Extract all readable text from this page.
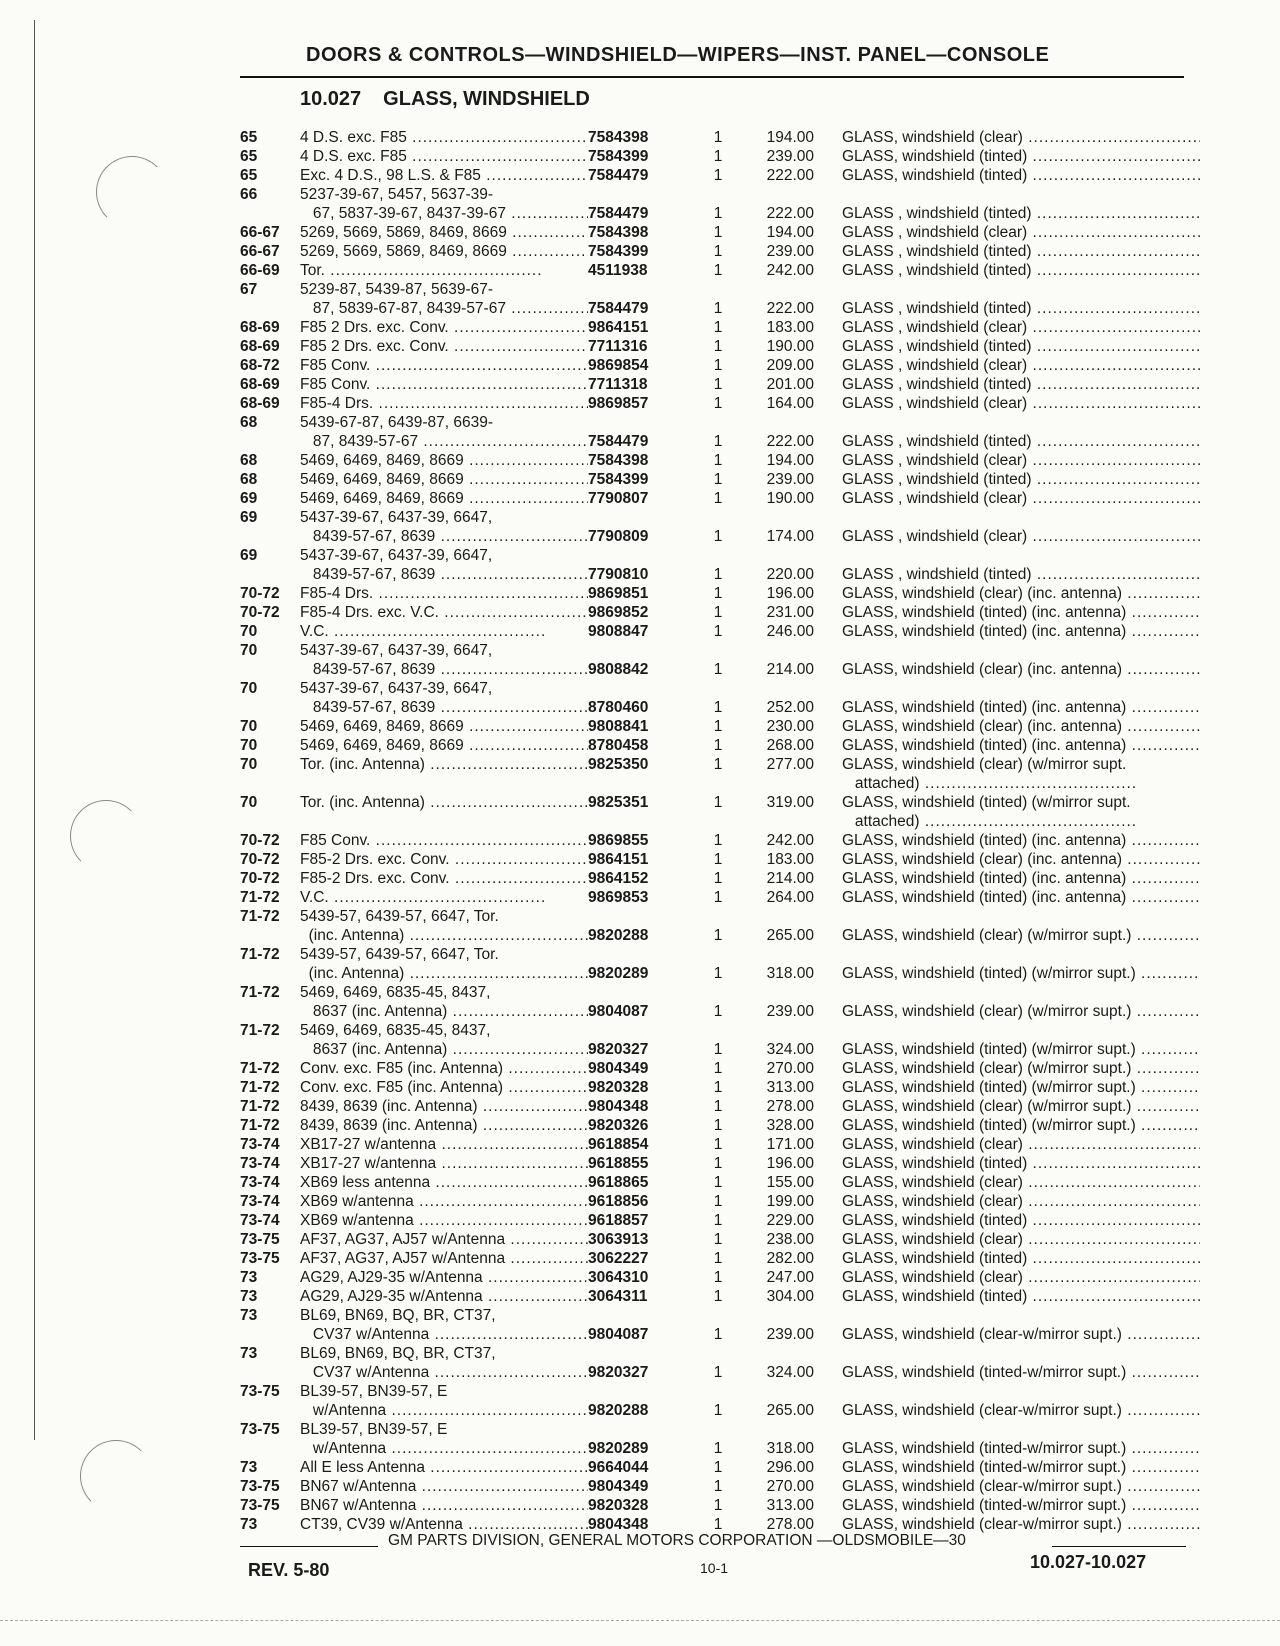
DOORS & CONTROLS—WINDSHIELD—WIPERS—INST. PANEL—CONSOLE
10.027 GLASS, WINDSHIELD
65	4 D.S. exc. F85 .....	7584398	1	194.00 GLASS, windshield (clear) .....
65	4 D.S. exc. F85 .....	7584399	1	239.00 GLASS, windshield (tinted) .....
65	Exc. 4 D.S., 98 L.S. & F85 .....	7584479	1	222.00 GLASS, windshield (tinted) .....
66	5237-39-67, 5457, 5637-39-
67, 5837-39-67, 8437-39-67 .....	7584479	1	222.00 GLASS , windshield (tinted) .....
66-67	5269, 5669, 5869, 8469, 8669 .....	7584398	1	194.00 GLASS , windshield (clear) .....
66-67	5269, 5669, 5869, 8469, 8669 .....	7584399	1	239.00 GLASS , windshield (tinted) .....
66-69	Tor. .....	4511938	1	242.00 GLASS , windshield (tinted) .....
67	5239-87, 5439-87, 5639-67-
87, 5839-67-87, 8439-57-67 .....	7584479	1	222.00 GLASS , windshield (tinted) .....
68-69	F85 2 Drs. exc. Conv. .....	9864151	1	183.00 GLASS , windshield (clear) .....
68-69	F85 2 Drs. exc. Conv. .....	7711316	1	190.00 GLASS , windshield (tinted) .....
68-72	F85 Conv. .....	9869854	1	209.00 GLASS , windshield (clear) .....
68-69	F85 Conv. .....	7711318	1	201.00 GLASS , windshield (tinted) .....
68-69	F85-4 Drs. .....	9869857	1	164.00 GLASS , windshield (clear) .....
68	5439-67-87, 6439-87, 6639-
87, 8439-57-67 .....	7584479	1	222.00 GLASS , windshield (tinted) .....
68	5469, 6469, 8469, 8669 .....	7584398	1	194.00 GLASS , windshield (clear) .....
68	5469, 6469, 8469, 8669 .....	7584399	1	239.00 GLASS , windshield (tinted) .....
69	5469, 6469, 8469, 8669 .....	7790807	1	190.00 GLASS , windshield (clear) .....
69	5437-39-67, 6437-39, 6647,
8439-57-67, 8639 .....	7790809	1	174.00 GLASS , windshield (clear) .....
69	5437-39-67, 6437-39, 6647,
8439-57-67, 8639 .....	7790810	1	220.00 GLASS , windshield (tinted) .....
70-72	F85-4 Drs. .....	9869851	1	196.00 GLASS, windshield (clear) (inc. antenna) .....
70-72	F85-4 Drs. exc. V.C. .....	9869852	1	231.00 GLASS, windshield (tinted) (inc. antenna) .....
70	V.C. .....	9808847	1	246.00 GLASS, windshield (tinted) (inc. antenna) .....
70	5437-39-67, 6437-39, 6647,
8439-57-67, 8639 .....	9808842	1	214.00 GLASS, windshield (clear) (inc. antenna) .....
70	5437-39-67, 6437-39, 6647,
8439-57-67, 8639 .....	8780460	1	252.00 GLASS, windshield (tinted) (inc. antenna) .....
70	5469, 6469, 8469, 8669 .....	9808841	1	230.00 GLASS, windshield (clear) (inc. antenna) .....
70	5469, 6469, 8469, 8669 .....	8780458	1	268.00 GLASS, windshield (tinted) (inc. antenna) .....
70	Tor. (inc. Antenna) .....	9825350	1	277.00 GLASS, windshield (clear) (w/mirror supt.
attached) .....
70	Tor. (inc. Antenna) .....	9825351	1	319.00 GLASS, windshield (tinted) (w/mirror supt.
attached) .....
70-72	F85 Conv. .....	9869855	1	242.00 GLASS, windshield (tinted) (inc. antenna) .....
70-72	F85-2 Drs. exc. Conv. .....	9864151	1	183.00 GLASS, windshield (clear) (inc. antenna) .....
70-72	F85-2 Drs. exc. Conv. .....	9864152	1	214.00 GLASS, windshield (tinted) (inc. antenna) .....
71-72	V.C. .....	9869853	1	264.00 GLASS, windshield (tinted) (inc. antenna) .....
71-72	5439-57, 6439-57, 6647, Tor.
(inc. Antenna) .....	9820288	1	265.00 GLASS, windshield (clear) (w/mirror supt.) .....
71-72	5439-57, 6439-57, 6647, Tor.
(inc. Antenna) .....	9820289	1	318.00 GLASS, windshield (tinted) (w/mirror supt.) .....
71-72	5469, 6469, 6835-45, 8437,
8637 (inc. Antenna) .....	9804087	1	239.00 GLASS, windshield (clear) (w/mirror supt.) .....
71-72	5469, 6469, 6835-45, 8437,
8637 (inc. Antenna) .....	9820327	1	324.00 GLASS, windshield (tinted) (w/mirror supt.) .....
71-72	Conv. exc. F85 (inc. Antenna) .....	9804349	1	270.00 GLASS, windshield (clear) (w/mirror supt.) .....
71-72	Conv. exc. F85 (inc. Antenna) .....	9820328	1	313.00 GLASS, windshield (tinted) (w/mirror supt.) .....
71-72	8439, 8639 (inc. Antenna) .....	9804348	1	278.00 GLASS, windshield (clear) (w/mirror supt.) .....
71-72	8439, 8639 (inc. Antenna) .....	9820326	1	328.00 GLASS, windshield (tinted) (w/mirror supt.) .....
73-74	XB17-27 w/antenna .....	9618854	1	171.00 GLASS, windshield (clear) .....
73-74	XB17-27 w/antenna .....	9618855	1	196.00 GLASS, windshield (tinted) .....
73-74	XB69 less antenna .....	9618865	1	155.00 GLASS, windshield (clear) .....
73-74	XB69 w/antenna .....	9618856	1	199.00 GLASS, windshield (clear) .....
73-74	XB69 w/antenna .....	9618857	1	229.00 GLASS, windshield (tinted) .....
73-75	AF37, AG37, AJ57 w/Antenna .....	3063913	1	238.00 GLASS, windshield (clear) .....
73-75	AF37, AG37, AJ57 w/Antenna .....	3062227	1	282.00 GLASS, windshield (tinted) .....
73	AG29, AJ29-35 w/Antenna .....	3064310	1	247.00 GLASS, windshield (clear) .....
73	AG29, AJ29-35 w/Antenna .....	3064311	1	304.00 GLASS, windshield (tinted) .....
73	BL69, BN69, BQ, BR, CT37,
CV37 w/Antenna .....	9804087	1	239.00 GLASS, windshield (clear-w/mirror supt.) .....
73	BL69, BN69, BQ, BR, CT37,
CV37 w/Antenna .....	9820327	1	324.00 GLASS, windshield (tinted-w/mirror supt.) .....
73-75	BL39-57, BN39-57, E
w/Antenna .....	9820288	1	265.00 GLASS, windshield (clear-w/mirror supt.) .....
73-75	BL39-57, BN39-57, E
w/Antenna .....	9820289	1	318.00 GLASS, windshield (tinted-w/mirror supt.) .....
73	All E less Antenna .....	9664044	1	296.00 GLASS, windshield (tinted-w/mirror supt.) .....
73-75	BN67 w/Antenna .....	9804349	1	270.00 GLASS, windshield (clear-w/mirror supt.) .....
73-75	BN67 w/Antenna .....	9820328	1	313.00 GLASS, windshield (tinted-w/mirror supt.) .....
73	CT39, CV39 w/Antenna .....	9804348	1	278.00 GLASS, windshield (clear-w/mirror supt.) .....
GM PARTS DIVISION, GENERAL MOTORS CORPORATION —OLDSMOBILE—30
REV. 5-80	10-1	10.027-10.027
